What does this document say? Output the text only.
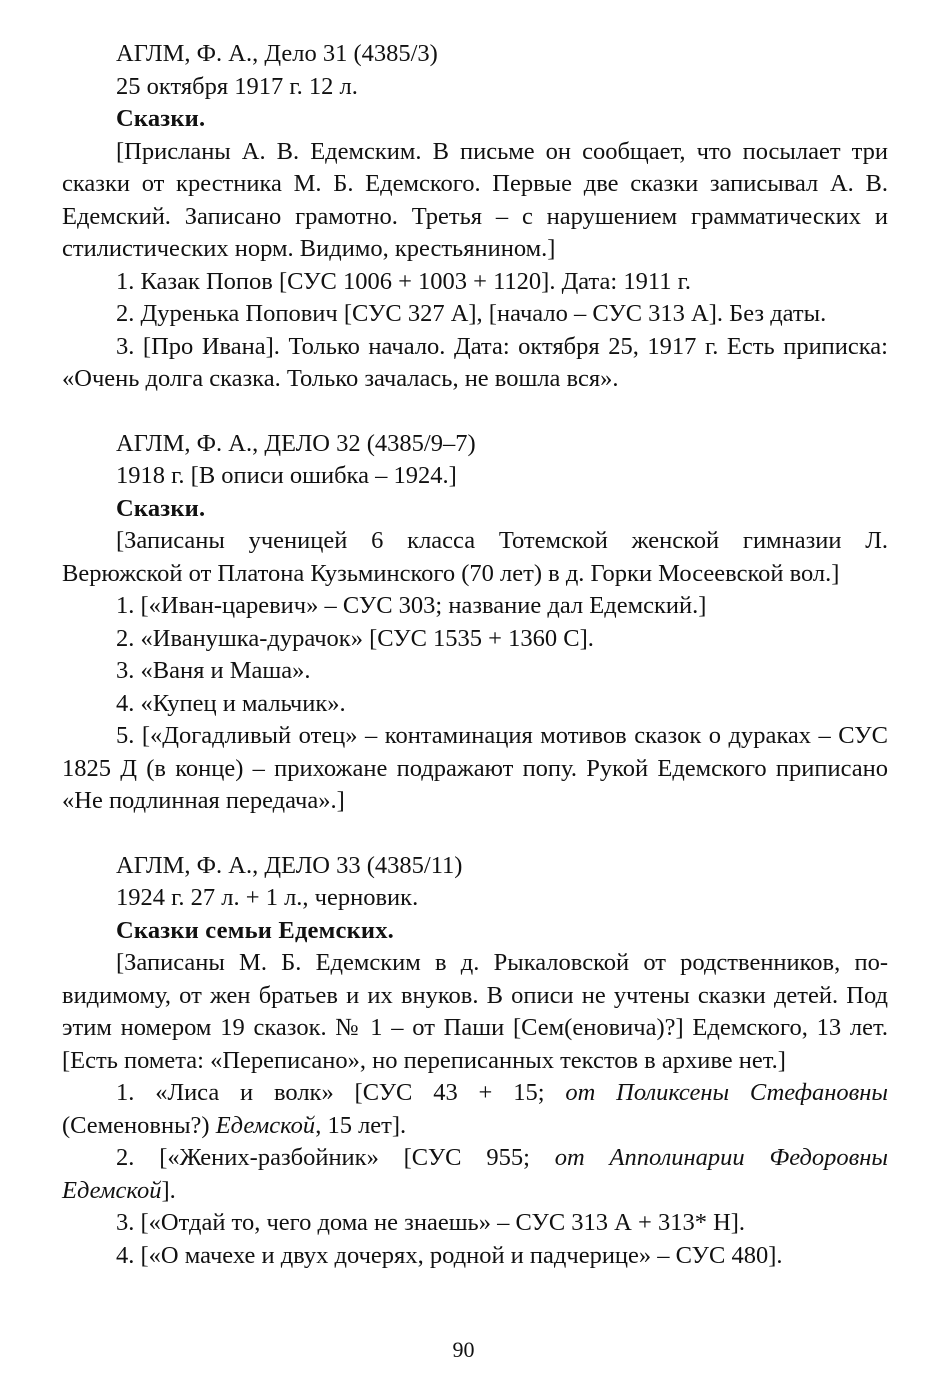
АГЛМ, Ф. А., Дело 31 (4385/3)
25 октября 1917 г. 12 л.
Сказки.

[Присланы А. В. Едемским. В письме он сообщает, что посылает три сказки от крестника М. Б. Едемского. Первые две сказки записывал А. В. Едемский. Записано грамотно. Третья – с нарушением грамматических и стилистических норм. Видимо, крестьянином.]

1. Казак Попов [СУС 1006 + 1003 + 1120]. Дата: 1911 г.

2. Дуренька Попович [СУС 327 А], [начало – СУС 313 А]. Без даты.

3. [Про Ивана]. Только начало. Дата: октября 25, 1917 г. Есть приписка: «Очень долга сказка. Только зачалась, не вошла вся».

АГЛМ, Ф. А., ДЕЛО 32 (4385/9–7)
1918 г. [В описи ошибка – 1924.]
Сказки.

[Записаны ученицей 6 класса Тотемской женской гимназии Л. Верюжской от Платона Кузьминского (70 лет) в д. Горки Мосеевской вол.]

1. [«Иван-царевич» – СУС 303; название дал Едемский.]

2. «Иванушка-дурачок» [СУС 1535 + 1360 С].

3. «Ваня и Маша».

4. «Купец и мальчик».

5. [«Догадливый отец» – контаминация мотивов сказок о дураках – СУС 1825 Д (в конце) – прихожане подражают попу. Рукой Едемского приписано «Не подлинная передача».]

АГЛМ, Ф. А., ДЕЛО 33 (4385/11)
1924 г. 27 л. + 1 л., черновик.
Сказки семьи Едемских.

[Записаны М. Б. Едемским в д. Рыкаловской от родственников, по-видимому, от жен братьев и их внуков. В описи не учтены сказки детей. Под этим номером 19 сказок. № 1 – от Паши [Сем(еновича)?] Едемского, 13 лет. [Есть помета: «Переписано», но переписанных текстов в архиве нет.]

1. «Лиса и волк» [СУС 43 + 15; от Поликсены Стефановны (Семеновны?) Едемской, 15 лет].

2. [«Жених-разбойник» [СУС 955; от Апполинарии Федоровны Едемской].

3. [«Отдай то, чего дома не знаешь» – СУС 313 А + 313* Н].

4. [«О мачехе и двух дочерях, родной и падчерице» – СУС 480].

90
